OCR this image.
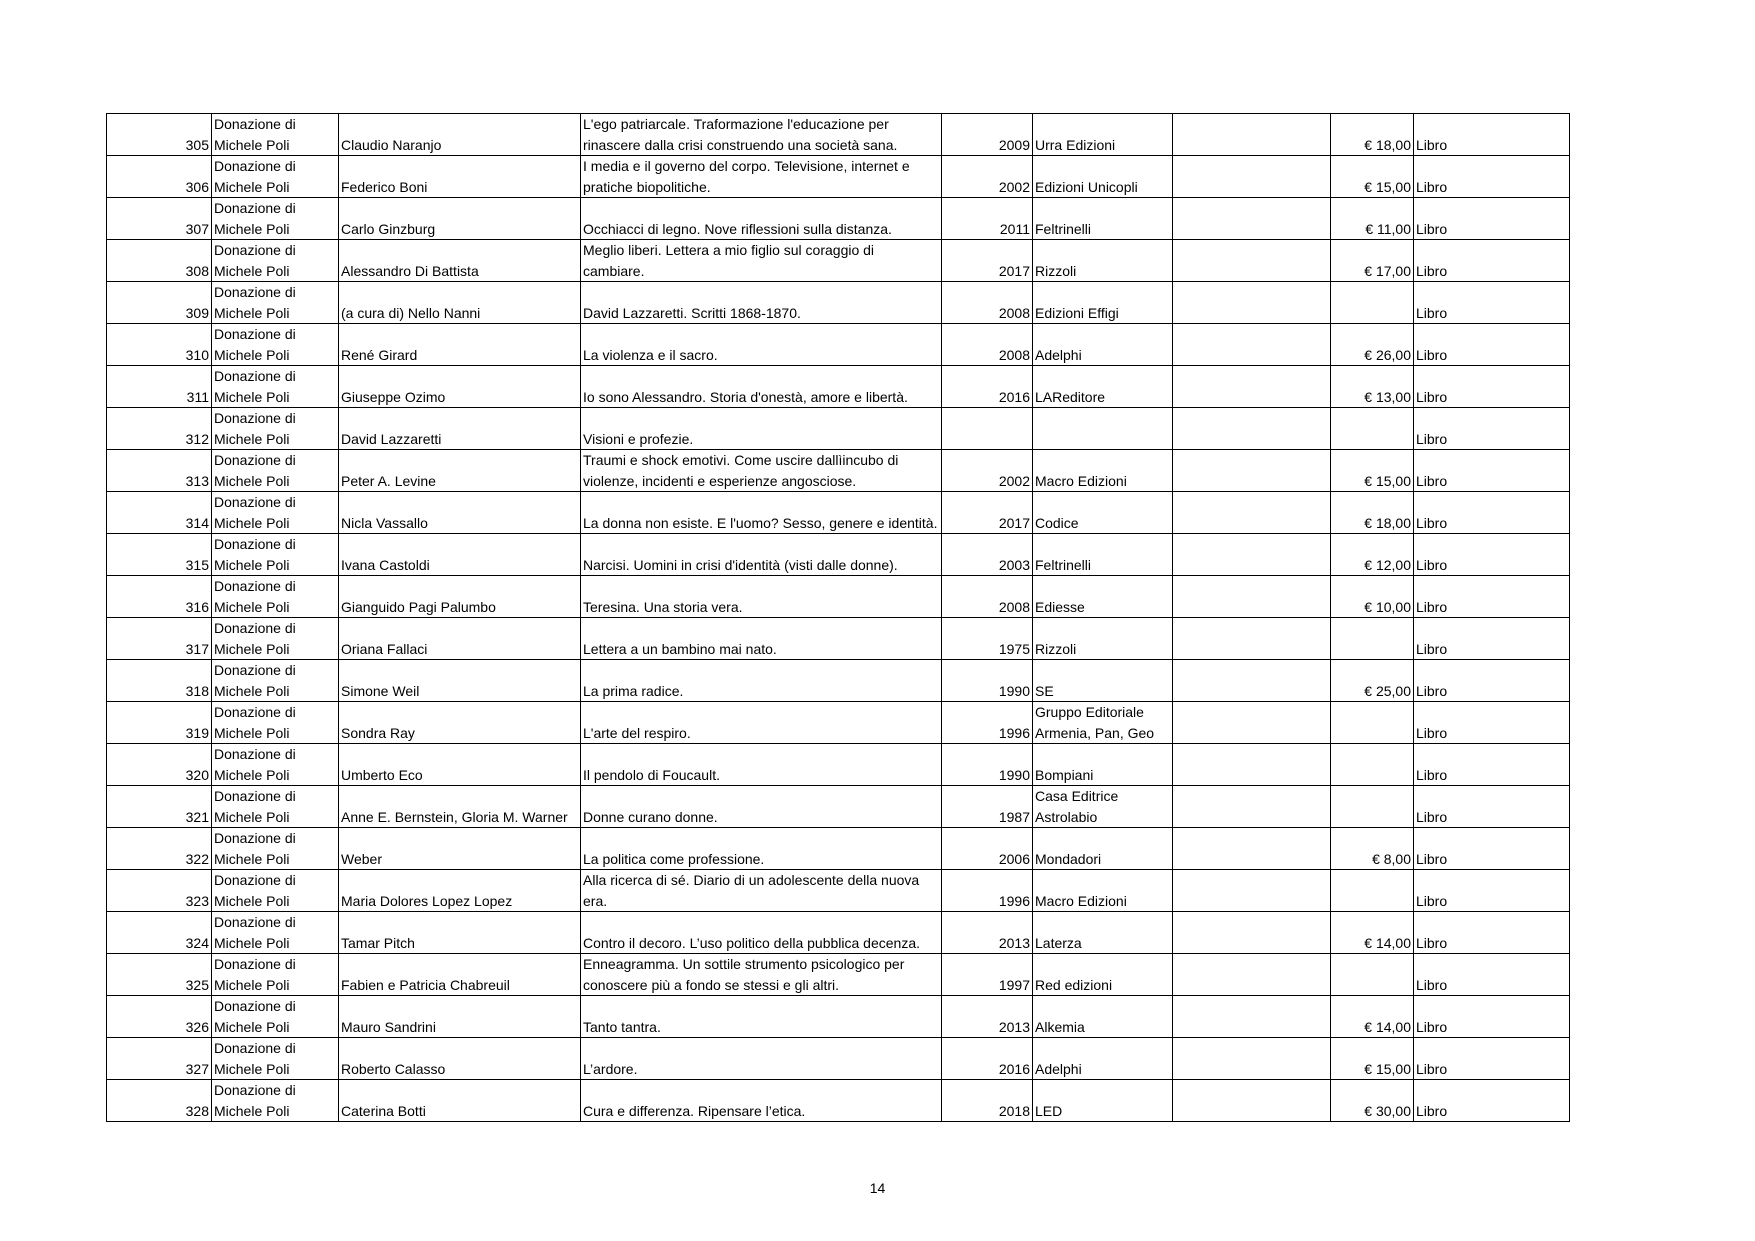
305	Donazione di Michele Poli	Claudio Naranjo	L'ego patriarcale. Traformazione l'educazione per rinascere dalla crisi construendo una società sana.	2009	Urra Edizioni		€ 18,00	Libro
306	Donazione di Michele Poli	Federico Boni	I media e il governo del corpo. Televisione, internet e pratiche biopolitiche.	2002	Edizioni Unicopli		€ 15,00	Libro
307	Donazione di Michele Poli	Carlo Ginzburg	Occhiacci di legno. Nove riflessioni sulla distanza.	2011	Feltrinelli		€ 11,00	Libro
308	Donazione di Michele Poli	Alessandro Di Battista	Meglio liberi. Lettera a mio figlio sul coraggio di cambiare.	2017	Rizzoli		€ 17,00	Libro
309	Donazione di Michele Poli	(a cura di) Nello Nanni	David Lazzaretti. Scritti 1868-1870.	2008	Edizioni Effigi			Libro
310	Donazione di Michele Poli	René Girard	La violenza e il sacro.	2008	Adelphi		€ 26,00	Libro
311	Donazione di Michele Poli	Giuseppe Ozimo	Io sono Alessandro. Storia d'onestà, amore e libertà.	2016	LAReditore		€ 13,00	Libro
312	Donazione di Michele Poli	David Lazzaretti	Visioni e profezie.					Libro
313	Donazione di Michele Poli	Peter A. Levine	Traumi e shock emotivi. Come uscire dallìincubo di violenze, incidenti e esperienze angosciose.	2002	Macro Edizioni		€ 15,00	Libro
314	Donazione di Michele Poli	Nicla Vassallo	La donna non esiste. E l'uomo? Sesso, genere e identità.	2017	Codice		€ 18,00	Libro
315	Donazione di Michele Poli	Ivana Castoldi	Narcisi. Uomini in crisi d'identità (visti dalle donne).	2003	Feltrinelli		€ 12,00	Libro
316	Donazione di Michele Poli	Gianguido Pagi Palumbo	Teresina. Una storia vera.	2008	Ediesse		€ 10,00	Libro
317	Donazione di Michele Poli	Oriana Fallaci	Lettera a un bambino mai nato.	1975	Rizzoli			Libro
318	Donazione di Michele Poli	Simone Weil	La prima radice.	1990	SE		€ 25,00	Libro
319	Donazione di Michele Poli	Sondra Ray	L'arte del respiro.	1996	Gruppo Editoriale Armenia, Pan, Geo			Libro
320	Donazione di Michele Poli	Umberto Eco	Il pendolo di Foucault.	1990	Bompiani			Libro
321	Donazione di Michele Poli	Anne E. Bernstein, Gloria M. Warner	Donne curano donne.	1987	Casa Editrice Astrolabio			Libro
322	Donazione di Michele Poli	Weber	La politica come professione.	2006	Mondadori		€ 8,00	Libro
323	Donazione di Michele Poli	Maria Dolores Lopez Lopez	Alla ricerca di sé. Diario di un adolescente della nuova era.	1996	Macro Edizioni			Libro
324	Donazione di Michele Poli	Tamar Pitch	Contro il decoro. L’uso politico della pubblica decenza.	2013	Laterza		€ 14,00	Libro
325	Donazione di Michele Poli	Fabien e Patricia Chabreuil	Enneagramma. Un sottile strumento psicologico per conoscere più a fondo se stessi e gli altri.	1997	Red edizioni			Libro
326	Donazione di Michele Poli	Mauro Sandrini	Tanto tantra.	2013	Alkemia		€ 14,00	Libro
327	Donazione di Michele Poli	Roberto Calasso	L’ardore.	2016	Adelphi		€ 15,00	Libro
328	Donazione di Michele Poli	Caterina Botti	Cura e differenza. Ripensare l’etica.	2018	LED		€ 30,00	Libro
14
